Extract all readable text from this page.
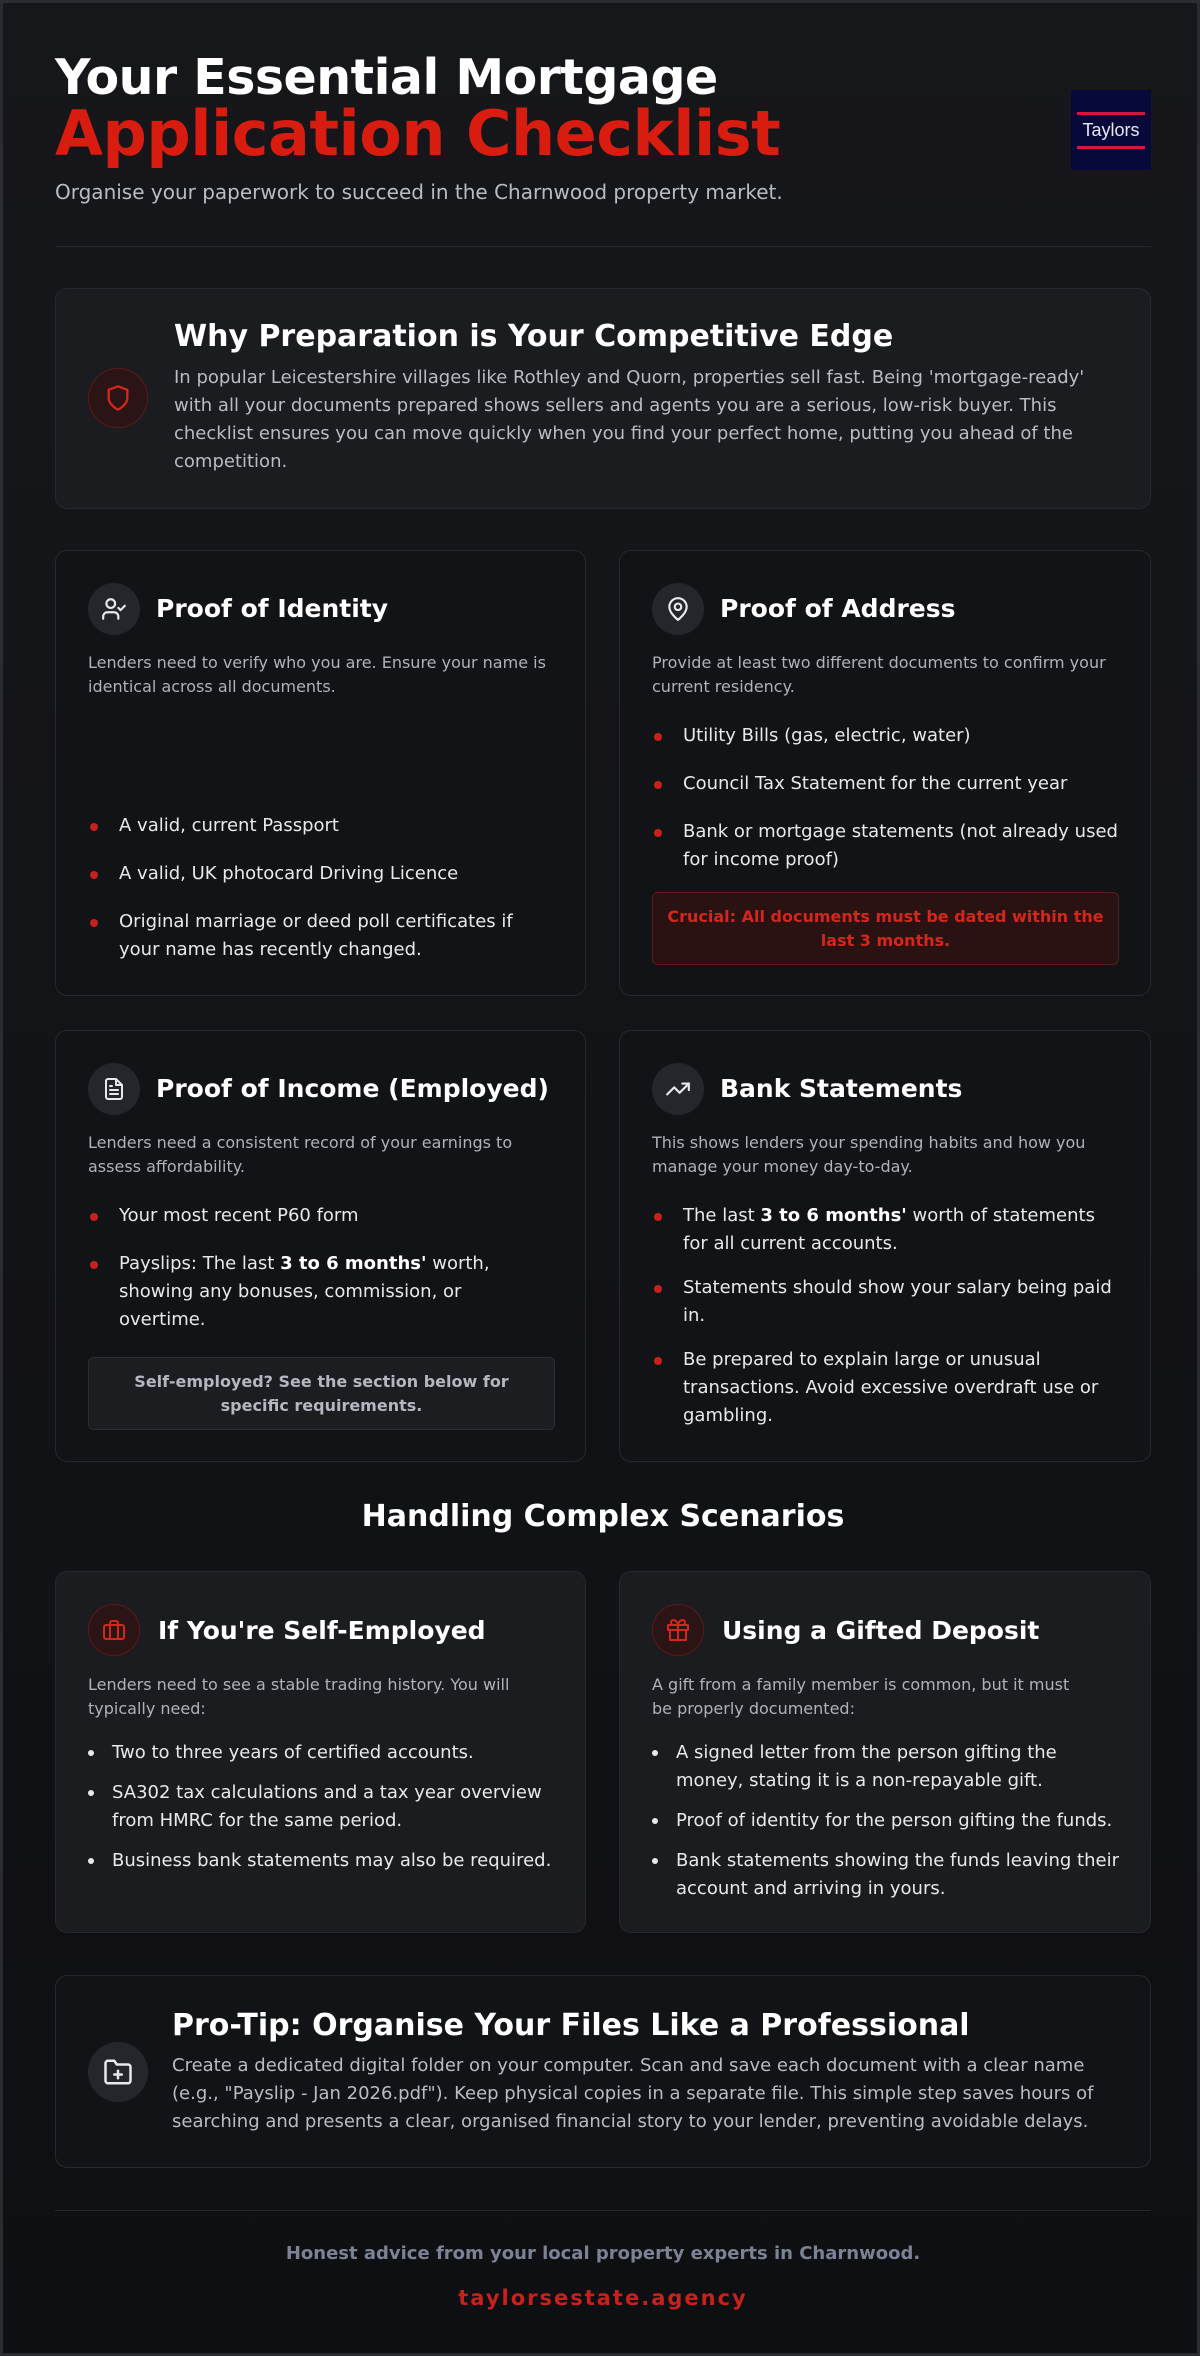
Your Essential Mortgage
Application Checklist
Organise your paperwork to succeed in the Charnwood property market.
Taylors
Why Preparation is Your Competitive Edge
In popular Leicestershire villages like Rothley and Quorn, properties sell fast. Being 'mortgage-ready' with all your documents prepared shows sellers and agents you are a serious, low-risk buyer. This checklist ensures you can move quickly when you find your perfect home, putting you ahead of the competition.
Proof of Identity
Lenders need to verify who you are. Ensure your name is identical across all documents.
A valid, current Passport
A valid, UK photocard Driving Licence
Original marriage or deed poll certificates if your name has recently changed.
Proof of Address
Provide at least two different documents to confirm your current residency.
Utility Bills (gas, electric, water)
Council Tax Statement for the current year
Bank or mortgage statements (not already used for income proof)
Crucial: All documents must be dated within the last 3 months.
Proof of Income (Employed)
Lenders need a consistent record of your earnings to assess affordability.
Your most recent P60 form
Payslips: The last 3 to 6 months' worth, showing any bonuses, commission, or overtime.
Self-employed? See the section below for specific requirements.
Bank Statements
This shows lenders your spending habits and how you manage your money day-to-day.
The last 3 to 6 months' worth of statements for all current accounts.
Statements should show your salary being paid in.
Be prepared to explain large or unusual transactions. Avoid excessive overdraft use or gambling.
Handling Complex Scenarios
If You're Self-Employed
Lenders need to see a stable trading history. You will typically need:
Two to three years of certified accounts.
SA302 tax calculations and a tax year overview from HMRC for the same period.
Business bank statements may also be required.
Using a Gifted Deposit
A gift from a family member is common, but it must be properly documented:
A signed letter from the person gifting the money, stating it is a non-repayable gift.
Proof of identity for the person gifting the funds.
Bank statements showing the funds leaving their account and arriving in yours.
Pro-Tip: Organise Your Files Like a Professional
Create a dedicated digital folder on your computer. Scan and save each document with a clear name (e.g., "Payslip - Jan 2026.pdf"). Keep physical copies in a separate file. This simple step saves hours of searching and presents a clear, organised financial story to your lender, preventing avoidable delays.
Honest advice from your local property experts in Charnwood.
taylorsestate.agency
